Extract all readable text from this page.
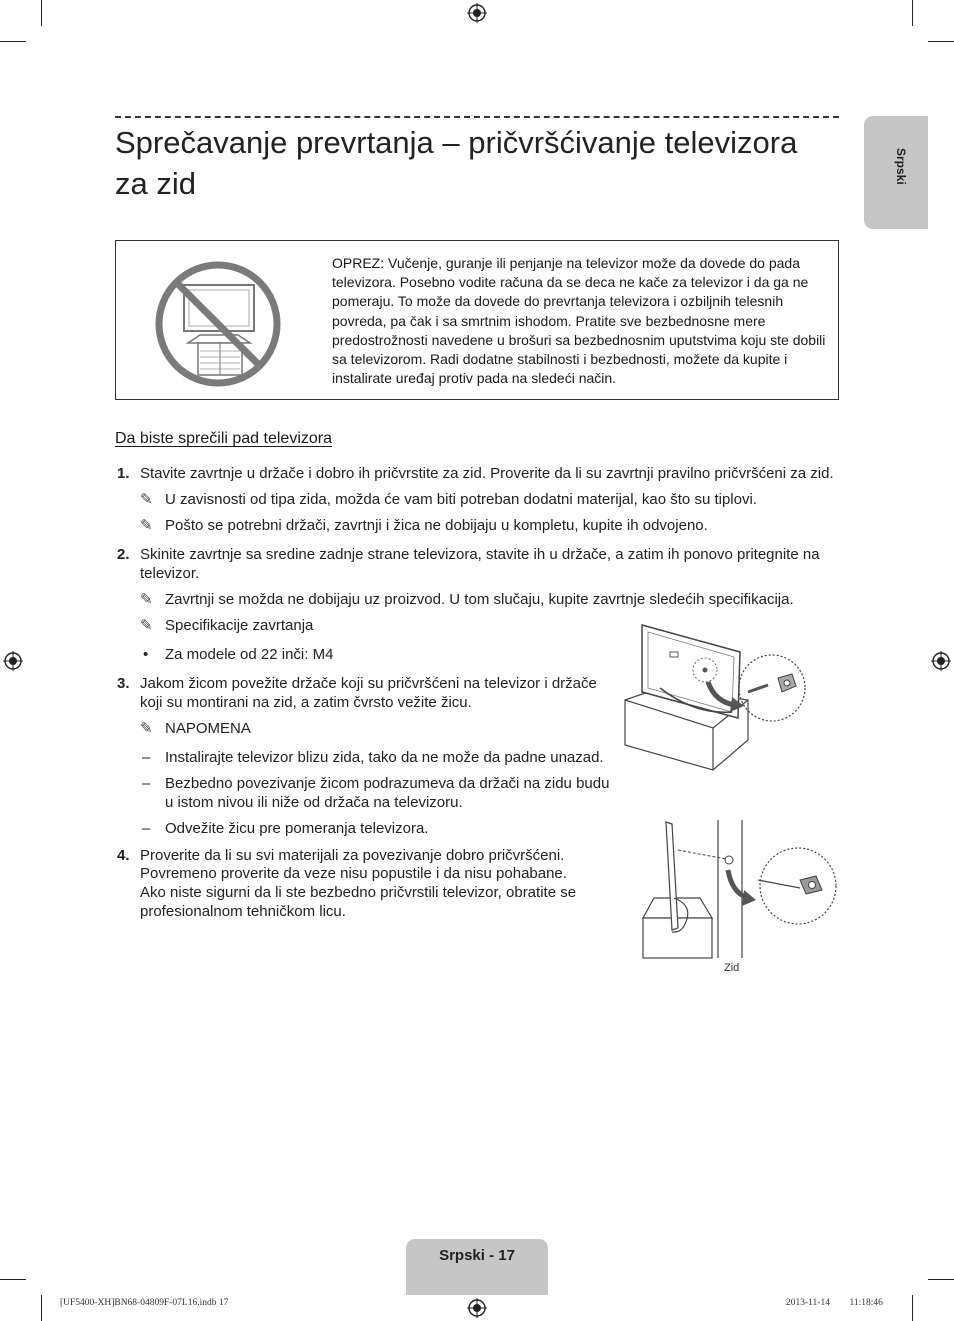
Sprečavanje prevrtanja – pričvršćivanje televizora za zid	Srpski
OPREZ: Vučenje, guranje ili penjanje na televizor može da dovede do pada televizora. Posebno vodite računa da se deca ne kače za televizor i da ga ne pomeraju. To može da dovede do prevrtanja televizora i ozbiljnih telesnih povreda, pa čak i sa smrtnim ishodom. Pratite sve bezbednosne mere predostrožnosti navedene u brošuri sa bezbednosnim uputstvima koju ste dobili sa televizorom. Radi dodatne stabilnosti i bezbednosti, možete da kupite i instalirate uređaj protiv pada na sledeći način.
Da biste sprečili pad televizora
1. Stavite zavrtnje u držače i dobro ih pričvrstite za zid. Proverite da li su zavrtnji pravilno pričvršćeni za zid.
✎ U zavisnosti od tipa zida, možda će vam biti potreban dodatni materijal, kao što su tiplovi.
✎ Pošto se potrebni držači, zavrtnji i žica ne dobijaju u kompletu, kupite ih odvojeno.
2. Skinite zavrtnje sa sredine zadnje strane televizora, stavite ih u držače, a zatim ih ponovo pritegnite na
televizor.
✎ Zavrtnji se možda ne dobijaju uz proizvod. U tom slučaju, kupite zavrtnje sledećih specifikacija.
✎ Specifikacije zavrtanja
• Za modele od 22 inči: M4
3. Jakom žicom povežite držače koji su pričvršćeni na televizor i držače
koji su montirani na zid, a zatim čvrsto vežite žicu.
✎ NAPOMENA
– Instalirajte televizor blizu zida, tako da ne može da padne unazad.
– Bezbedno povezivanje žicom podrazumeva da držači na zidu budu
u istom nivou ili niže od držača na televizoru.
– Odvežite žicu pre pomeranja televizora.
4. Proverite da li su svi materijali za povezivanje dobro pričvršćeni.
Povremeno proverite da veze nisu popustile i da nisu pohabane.
Ako niste sigurni da li ste bezbedno pričvrstili televizor, obratite se
profesionalnom tehničkom licu.
Zid
Srpski - 17
[UF5400-XH]BN68-04809F-07L16.indb 17	2013-11-14 ￿￿ 11:18:46
